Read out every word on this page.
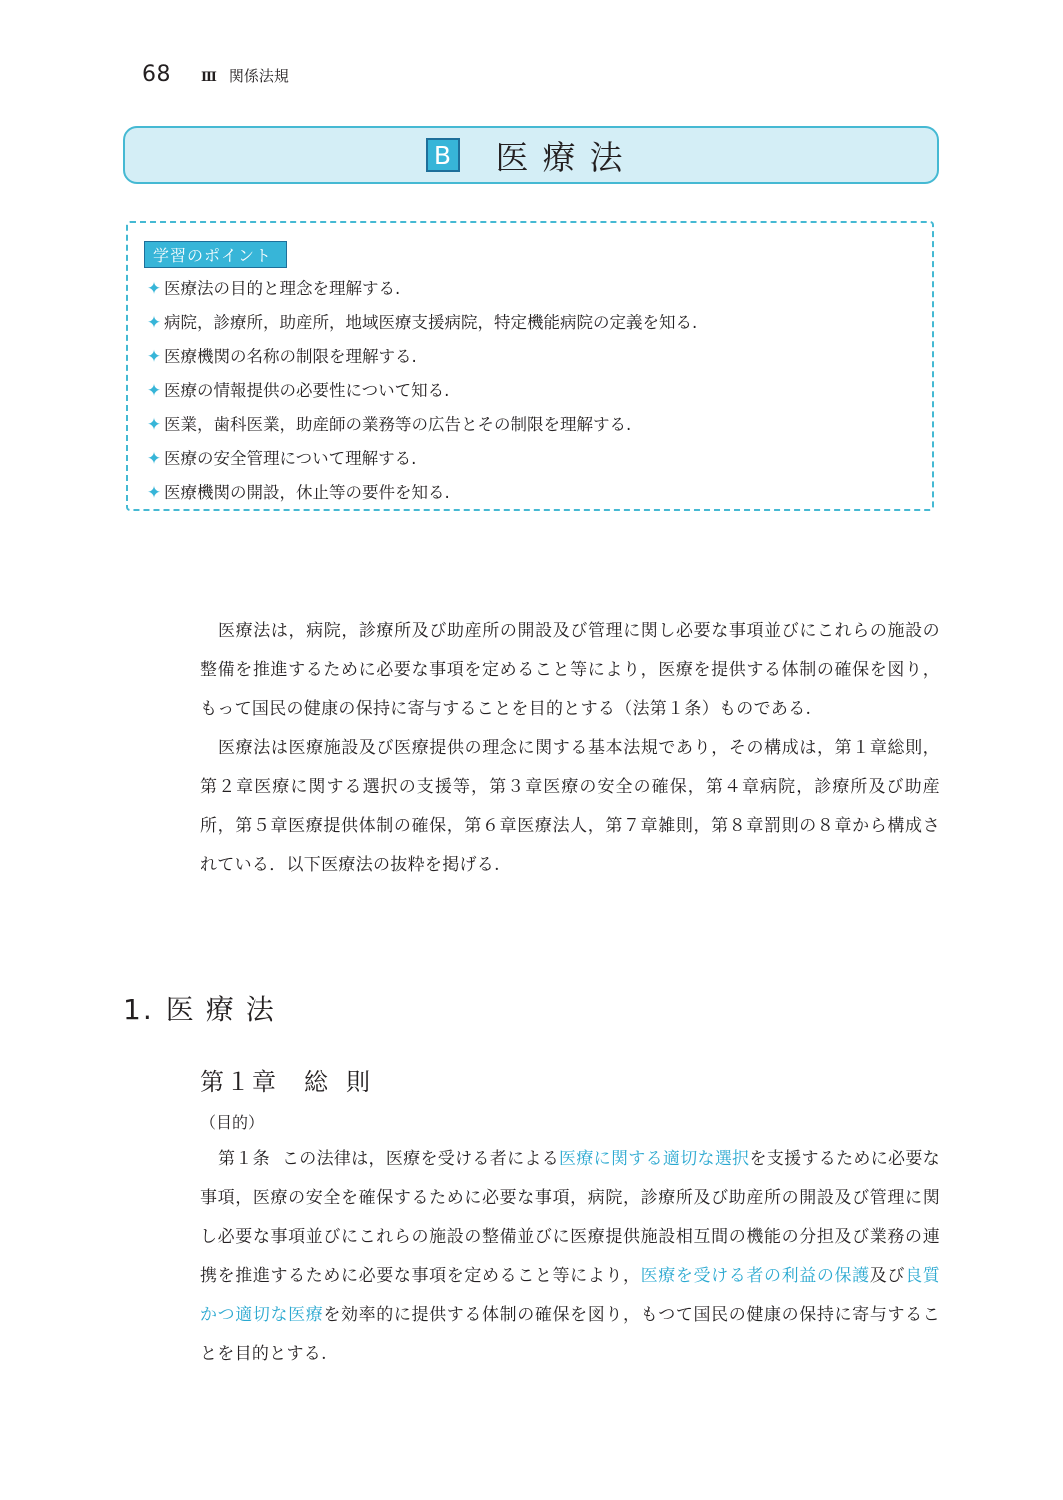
68 Ⅲ 関係法規
B 医療法
学習のポイント
✦ 医療法の目的と理念を理解する.
✦ 病院，診療所，助産所，地域医療支援病院，特定機能病院の定義を知る.
✦ 医療機関の名称の制限を理解する.
✦ 医療の情報提供の必要性について知る.
✦ 医業，歯科医業，助産師の業務等の広告とその制限を理解する.
✦ 医療の安全管理について理解する.
✦ 医療機関の開設，休止等の要件を知る.

医療法は，病院，診療所及び助産所の開設及び管理に関し必要な事項並びにこれらの施設の整備を推進するために必要な事項を定めること等により，医療を提供する体制の確保を図り，もって国民の健康の保持に寄与することを目的とする（法第１条）ものである.

医療法は医療施設及び医療提供の理念に関する基本法規であり，その構成は，第１章総則，第２章医療に関する選択の支援等，第３章医療の安全の確保，第４章病院，診療所及び助産所，第５章医療提供体制の確保，第６章医療法人，第７章雑則，第８章罰則の８章から構成されている．以下医療法の抜粋を掲げる.

1. 医療法
第１章 総則
（目的）

第１条 この法律は，医療を受ける者による医療に関する適切な選択を支援するために必要な事項，医療の安全を確保するために必要な事項，病院，診療所及び助産所の開設及び管理に関し必要な事項並びにこれらの施設の整備並びに医療提供施設相互間の機能の分担及び業務の連携を推進するために必要な事項を定めること等により，医療を受ける者の利益の保護及び良質かつ適切な医療を効率的に提供する体制の確保を図り，もつて国民の健康の保持に寄与することを目的とする.
